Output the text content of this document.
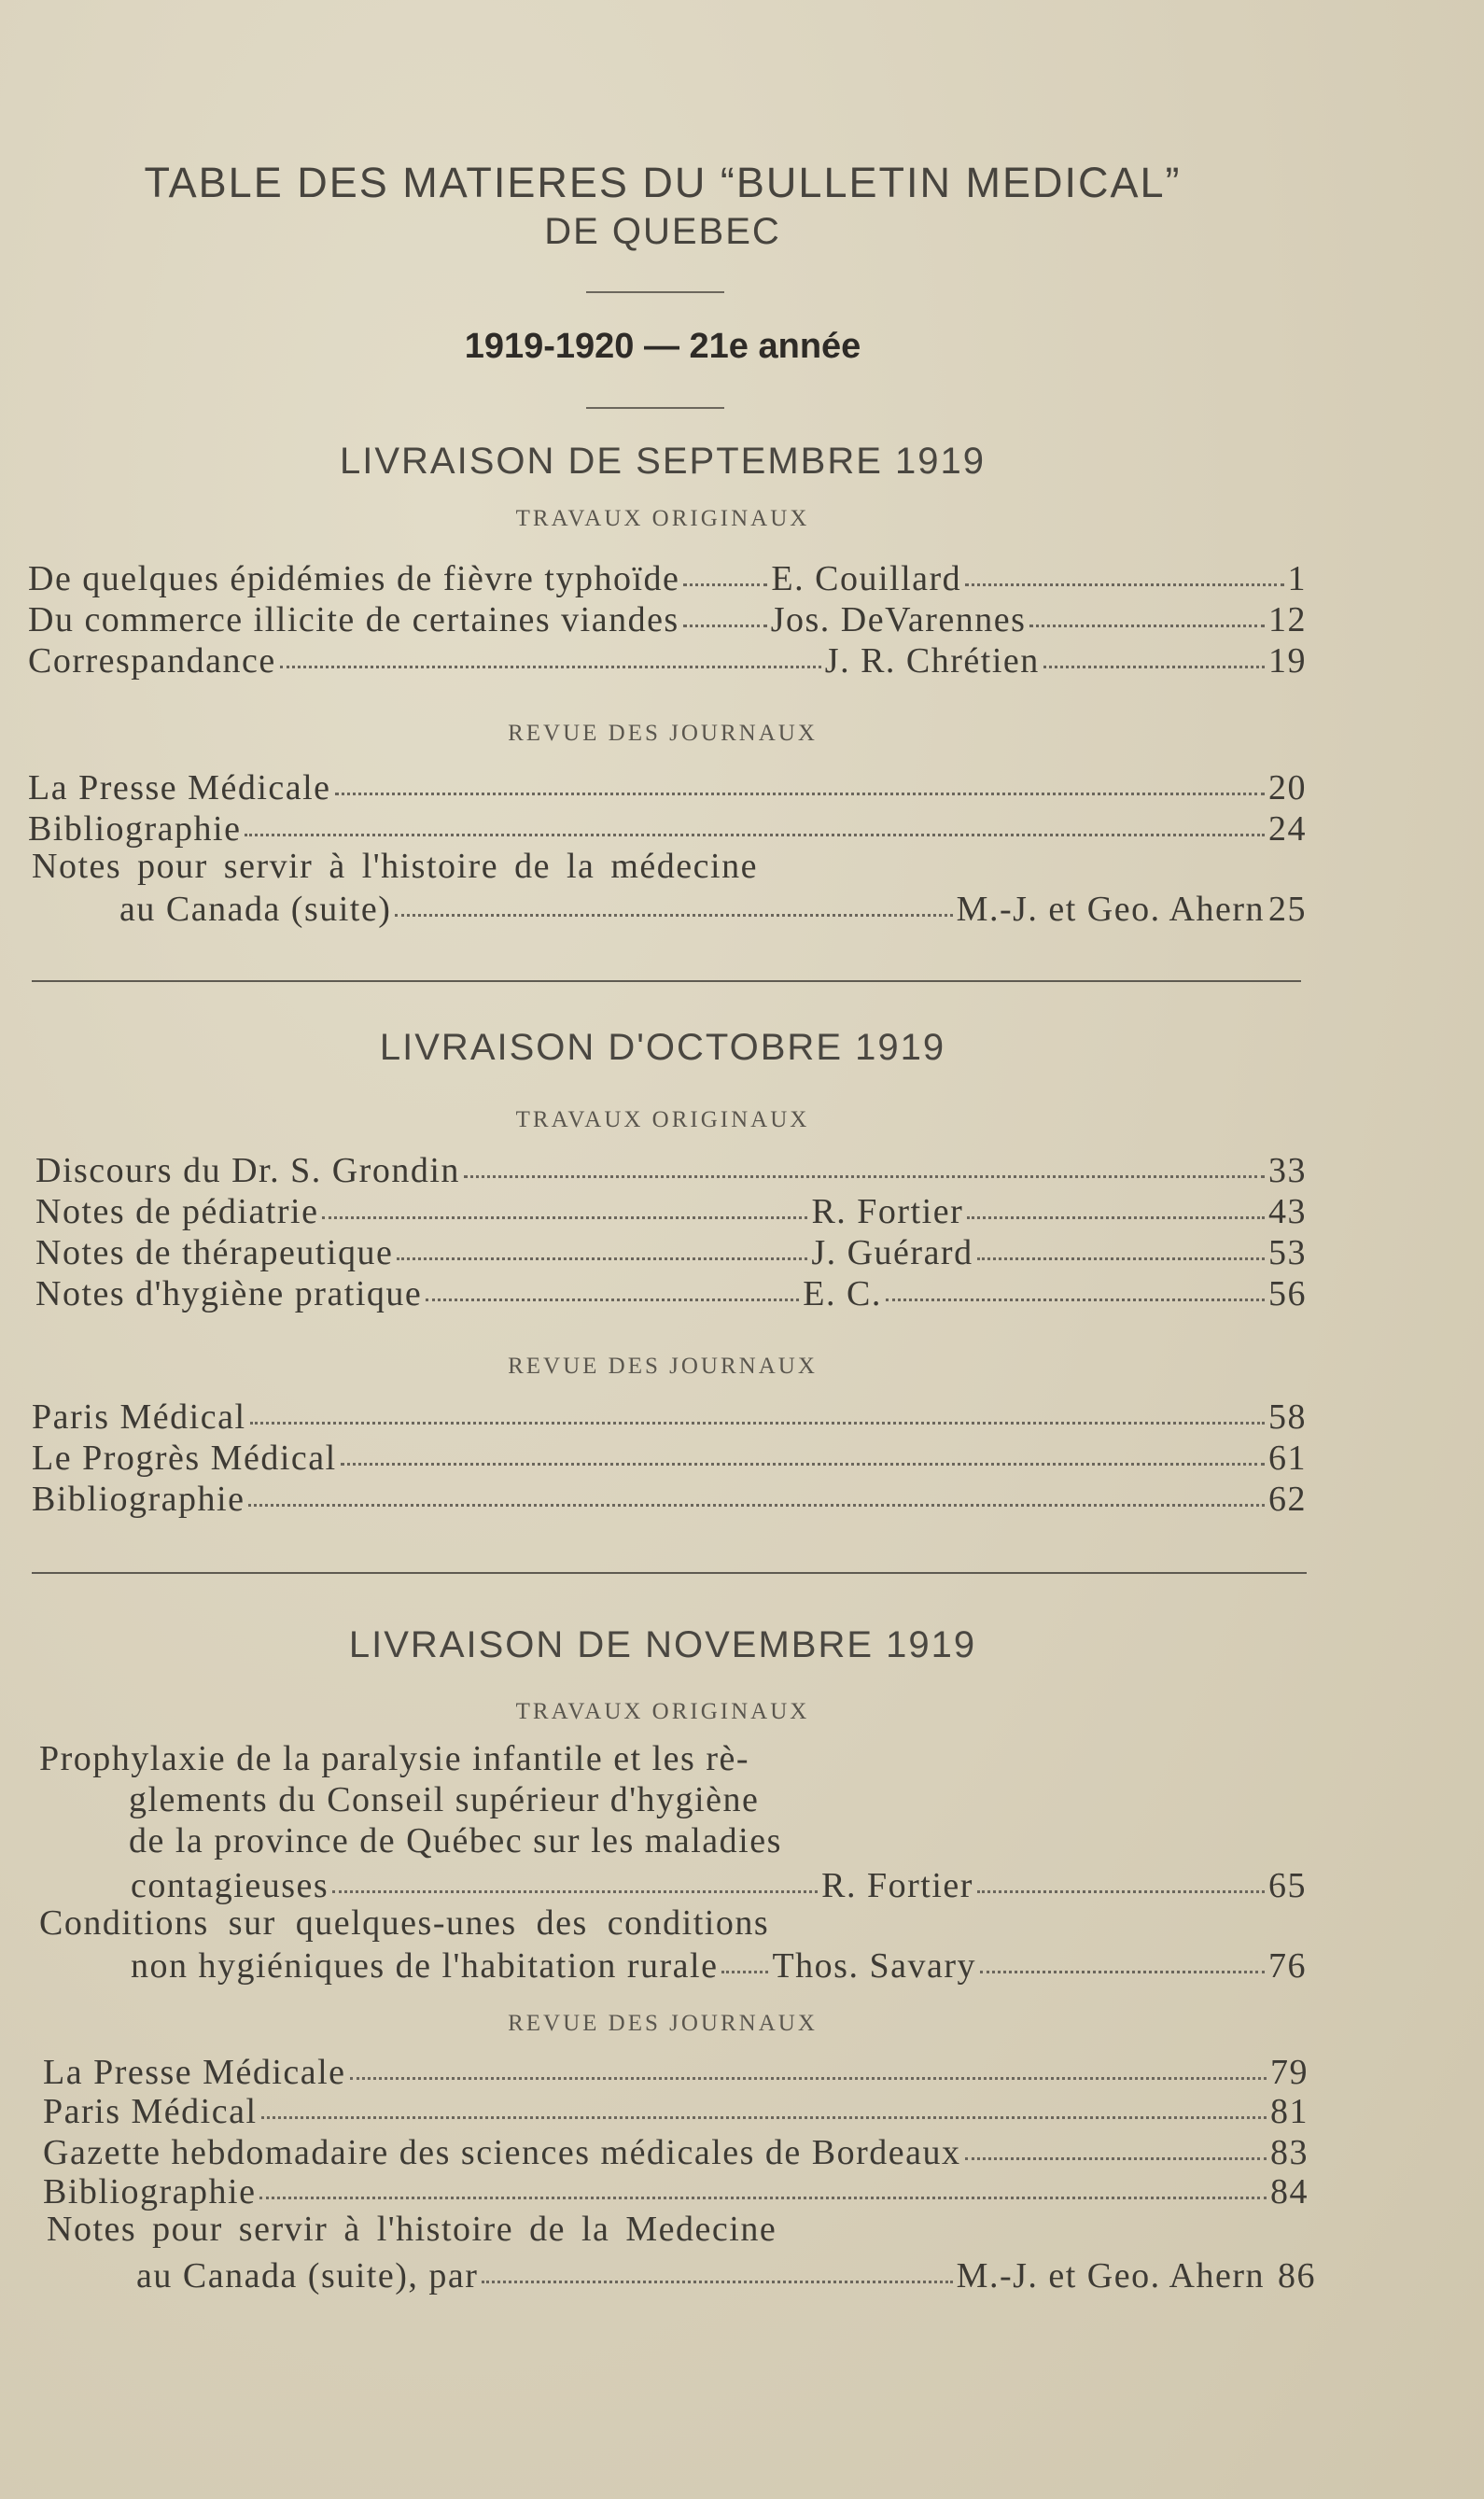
TABLE DES MATIERES DU “BULLETIN MEDICAL”
DE QUEBEC
1919-1920 — 21e année
LIVRAISON DE SEPTEMBRE 1919
TRAVAUX ORIGINAUX
De quelques épidémies de fièvre typhoïde	E. Couillard	1
Du commerce illicite de certaines viandes	Jos. DeVarennes	12
Correspandance	J. R. Chrétien	19
REVUE DES JOURNAUX
La Presse Médicale	20
Bibliographie	24
Notes pour servir à l'histoire de la médecine
au Canada (suite)	M.-J. et Geo. Ahern 25
LIVRAISON D'OCTOBRE 1919
TRAVAUX ORIGINAUX
Discours du Dr. S. Grondin	33
Notes de pédiatrie	R. Fortier	43
Notes de thérapeutique	J. Guérard	53
Notes d'hygiène pratique	E. C.	56
REVUE DES JOURNAUX
Paris Médical	58
Le Progrès Médical	61
Bibliographie	62
LIVRAISON DE NOVEMBRE 1919
TRAVAUX ORIGINAUX
Prophylaxie de la paralysie infantile et les rè-
glements du Conseil supérieur d'hygiène
de la province de Québec sur les maladies
contagieuses	R. Fortier	65
Conditions sur quelques-unes des conditions
non hygiéniques de l'habitation rurale Thos. Savary	76
REVUE DES JOURNAUX
La Presse Médicale	79
Paris Médical	81
Gazette hebdomadaire des sciences médicales de Bordeaux	83
Bibliographie	84
Notes pour servir à l'histoire de la Medecine
au Canada (suite), par	M.-J. et Geo. Ahern 86
